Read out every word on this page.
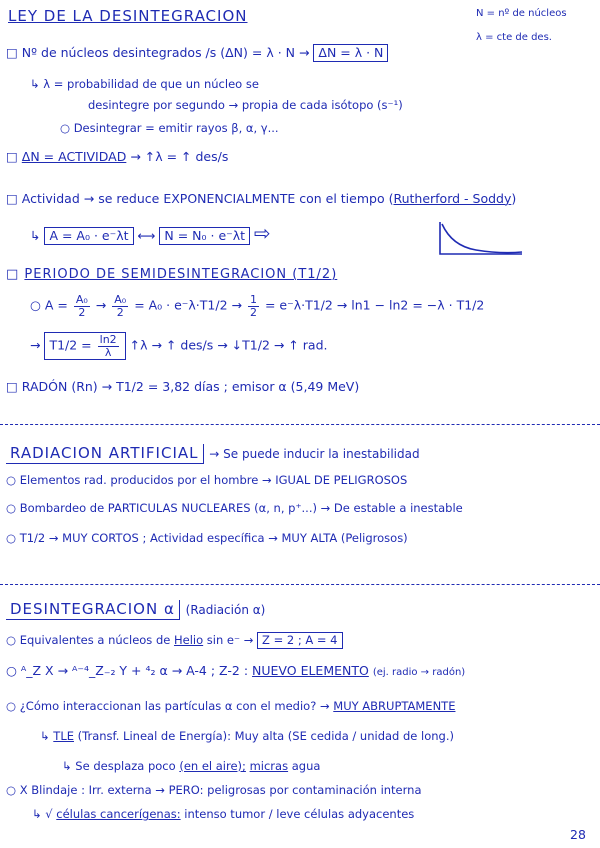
LEY DE LA DESINTEGRACION	N = nº de núcleos
λ = cte de des.
□ Nº de núcleos desintegrados /s (ΔN) = λ · N → ΔN = λ · N
↳ λ = probabilidad de que un núcleo se
desintegre por segundo → propia de cada isótopo (s⁻¹)
○ Desintegrar = emitir rayos β, α, γ...
□ ΔN = ACTIVIDAD → ↑λ = ↑ des/s
□ Actividad → se reduce EXPONENCIALMENTE con el tiempo (Rutherford - Soddy)
↳ A = A₀ · e⁻λt ⟷ N = N₀ · e⁻λt ⇨
□ PERIODO DE SEMIDESINTEGRACION (T1/2)
○ $A = \frac{\text{A₀}}{2} \to \frac{\text{A₀}}{2} = A_0 \cdot e^-\lambda\cdot T1/2 \to \frac{1}{2} = e^-\lambda\cdot T1/2 \to \ln 1 - \ln 2 = -\lambda \cdot T1/2$
→ $T1/2 = \frac{\ln 2}{\lambda}$ ↑λ → ↑ des/s → ↓T1/2 → ↑ rad.
□ RADÓN (Rn) → T1/2 = 3,82 días ; emisor α (5,49 MeV)
RADIACION ARTIFICIAL → Se puede inducir la inestabilidad
○ Elementos rad. producidos por el hombre → IGUAL DE PELIGROSOS
○ Bombardeo de PARTICULAS NUCLEARES (α, n, p⁺...) → De estable a inestable
○ T1/2 → MUY CORTOS ; Actividad específica → MUY ALTA (Peligrosos)
DESINTEGRACION α (Radiación α)
○ Equivalentes a núcleos de Helio sin e⁻ → Z = 2 ; A = 4
○ ᴬ_Z X → ᴬ⁻⁴_Z₋₂ Y + ⁴₂ α → A-4 ; Z-2 : NUEVO ELEMENTO (ej. radio → radón)
○ ¿Cómo interaccionan las partículas α con el medio? → MUY ABRUPTAMENTE
↳ TLE (Transf. Lineal de Energía): Muy alta (SE cedida / unidad de long.)
↳ Se desplaza poco (en el aire); micras agua
○ X Blindaje : Irr. externa → PERO: peligrosas por contaminación interna
↳ √ células cancerígenas: intenso tumor / leve células adyacentes
28
